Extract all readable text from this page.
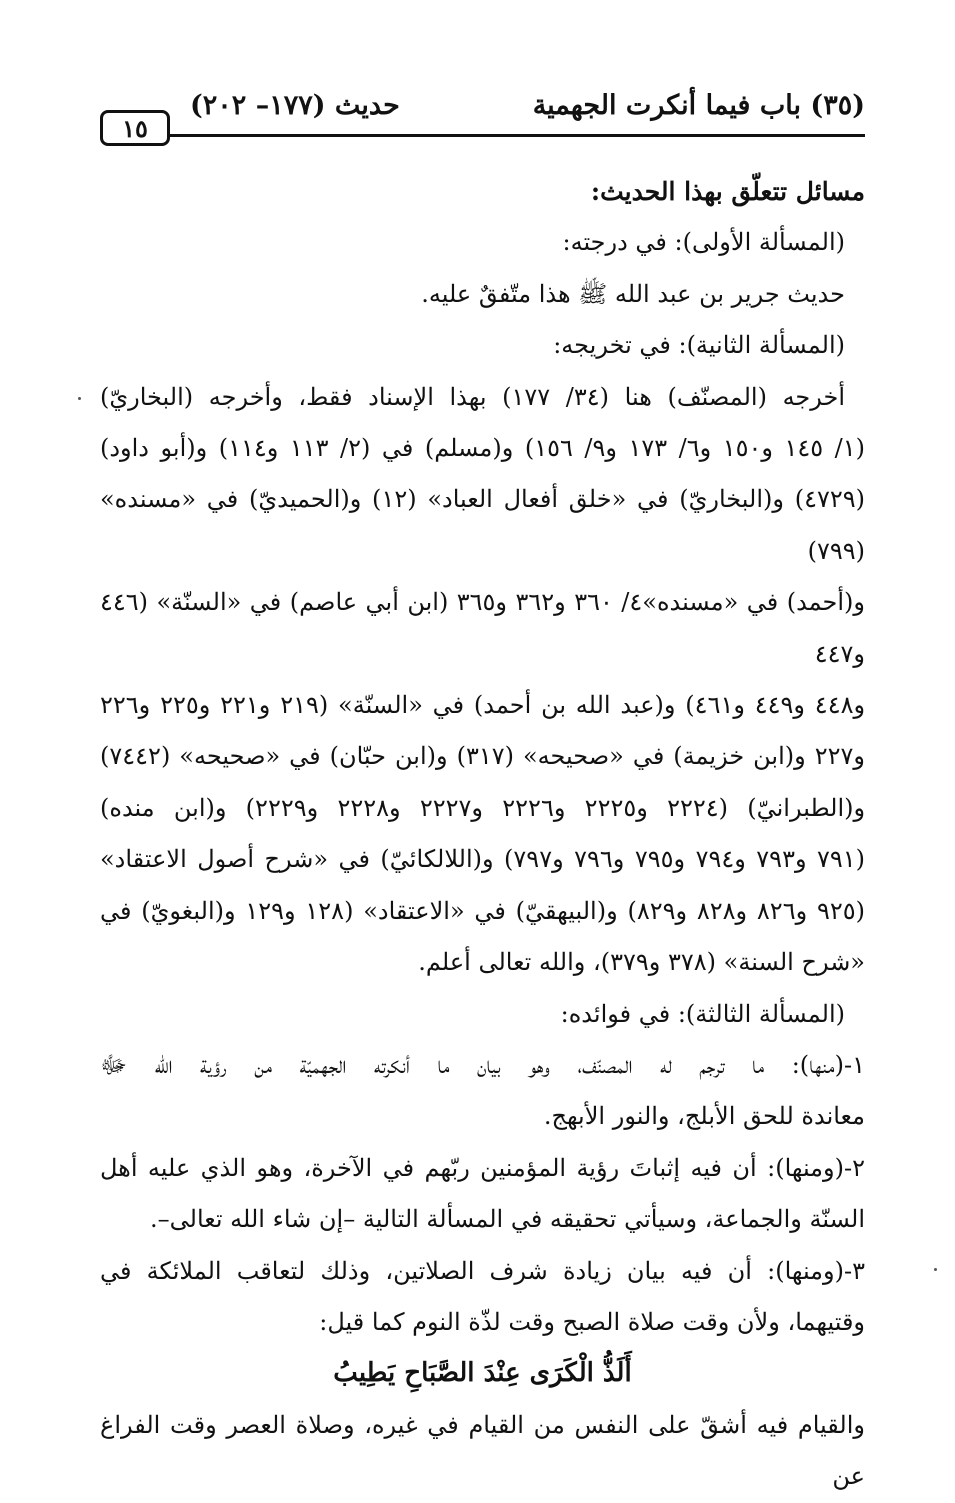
١٥
حديث (١٧٧– ٢٠٢)	(٣٥) باب فيما أنكرت الجهمية

مسائل تتعلّق بهذا الحديث:

(المسألة الأولى): في درجته:

حديث جرير بن عبد الله ﷺ هذا متّفقٌ عليه.

(المسألة الثانية): في تخريجه:

أخرجه (المصنّف) هنا (٣٤/ ١٧٧) بهذا الإسناد فقط، وأخرجه (البخاريّ)

(١/ ١٤٥ و١٥٠ و٦/ ١٧٣ و٩/ ١٥٦) و(مسلم) في (٢/ ١١٣ و١١٤) و(أبو داود)

(٤٧٢٩) و(البخاريّ) في «خلق أفعال العباد» (١٢) و(الحميديّ) في «مسنده» (٧٩٩)

و(أحمد) في «مسنده»٤/ ٣٦٠ و٣٦٢ و٣٦٥ (ابن أبي عاصم) في «السنّة» (٤٤٦ و٤٤٧

و٤٤٨ و٤٤٩ و٤٦١) و(عبد الله بن أحمد) في «السنّة» (٢١٩ و٢٢١ و٢٢٥ و٢٢٦

و٢٢٧ و(ابن خزيمة) في «صحيحه» (٣١٧) و(ابن حبّان) في «صحيحه» (٧٤٤٢)

و(الطبرانيّ) (٢٢٢٤ و٢٢٢٥ و٢٢٢٦ و٢٢٢٧ و٢٢٢٨ و٢٢٢٩) و(ابن منده)

(٧٩١ و٧٩٣ و٧٩٤ و٧٩٥ و٧٩٦ و٧٩٧) و(اللالكائيّ) في «شرح أصول الاعتقاد»

(٩٢٥ و٨٢٦ و٨٢٨ و٨٢٩) و(البيهقيّ) في «الاعتقاد» (١٢٨ و١٢٩ و(البغويّ) في

«شرح السنة» (٣٧٨ و٣٧٩)، والله تعالى أعلم.

(المسألة الثالثة): في فوائده:

١-(منها): ما ترجم له المصنّف، وهو بيان ما أنكرته الجهميّة من رؤية الله ﷻ

معاندة للحق الأبلج، والنور الأبهج.

٢-(ومنها): أن فيه إثباتَ رؤية المؤمنين ربّهم في الآخرة، وهو الذي عليه أهل

السنّة والجماعة، وسيأتي تحقيقه في المسألة التالية –إن شاء الله تعالى–.

٣-(ومنها): أن فيه بيان زيادة شرف الصلاتين، وذلك لتعاقب الملائكة في

وقتيهما، ولأن وقت صلاة الصبح وقت لذّة النوم كما قيل:

أَلَذُّ الْكَرَى عِنْدَ الصَّبَاحِ يَطِيبُ

والقيام فيه أشقّ على النفس من القيام في غيره، وصلاة العصر وقت الفراغ عن
